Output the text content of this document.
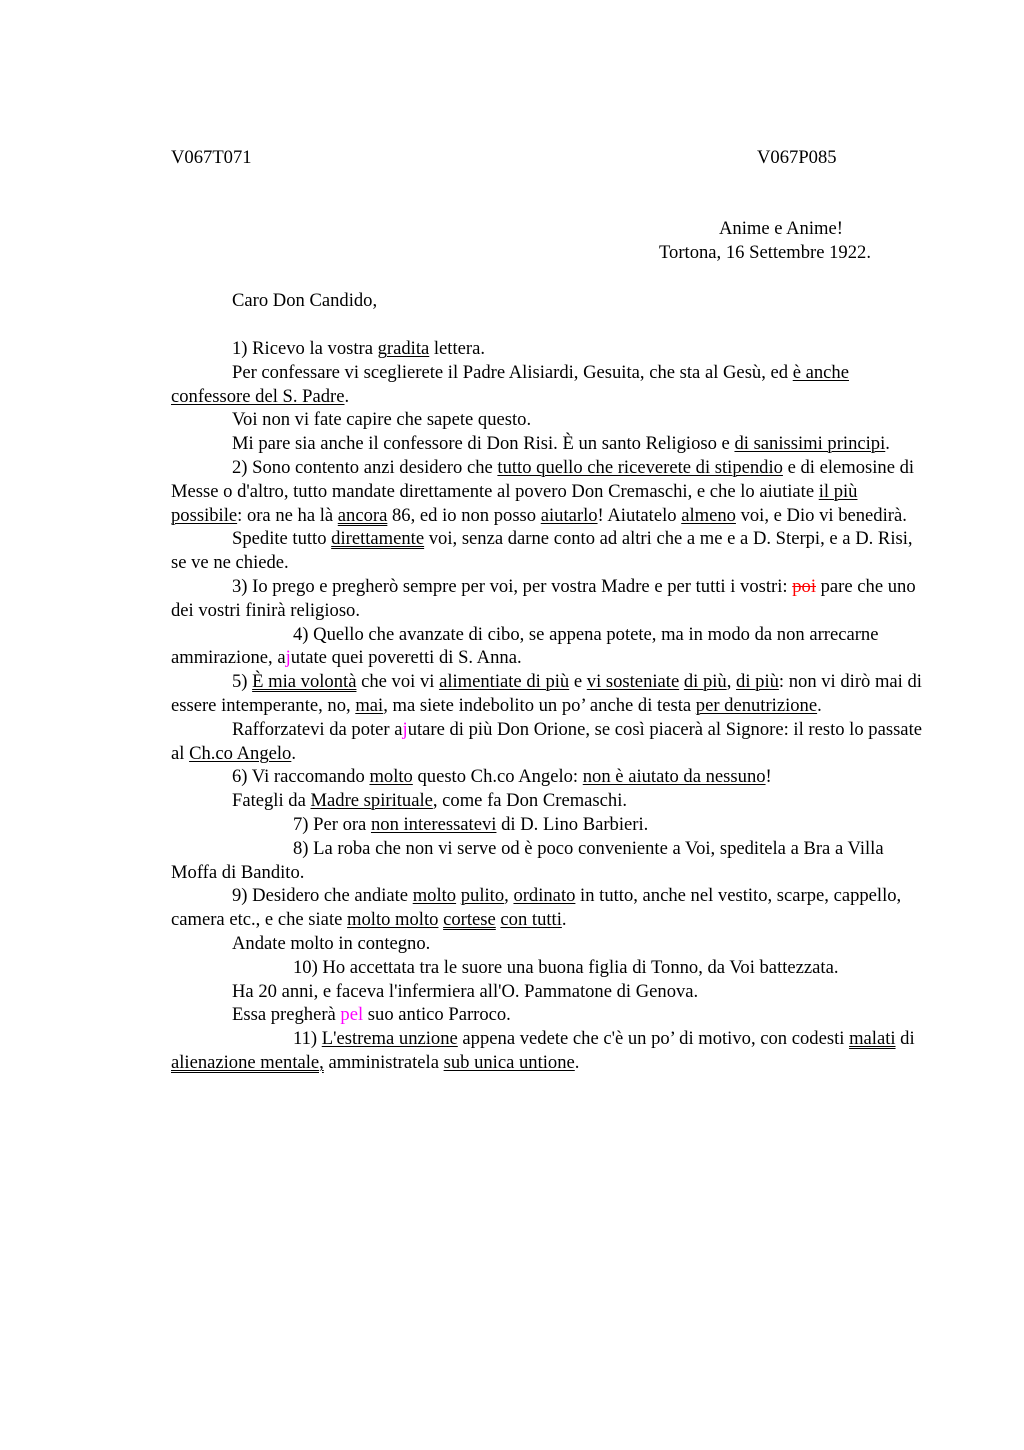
V067T071	V067P085
Anime e Anime!
Tortona, 16 Settembre 1922.
Caro Don Candido,

1) Ricevo la vostra gradita lettera.

Per confessare vi sceglierete il Padre Alisiardi, Gesuita, che sta al Gesù, ed è anche confessore del S. Padre.

Voi non vi fate capire che sapete questo.

Mi pare sia anche il confessore di Don Risi. È un santo Religioso e di sanissimi principi.

2) Sono contento anzi desidero che tutto quello che riceverete di stipendio e di elemosine di Messe o d'altro, tutto mandate direttamente al povero Don Cremaschi, e che lo aiutiate il più possibile: ora ne ha là ancora 86, ed io non posso aiutarlo! Aiutatelo almeno voi, e Dio vi benedirà.

Spedite tutto direttamente voi, senza darne conto ad altri che a me e a D. Sterpi, e a D. Risi, se ve ne chiede.

3) Io prego e pregherò sempre per voi, per vostra Madre e per tutti i vostri: poi pare che uno dei vostri finirà religioso.

4) Quello che avanzate di cibo, se appena potete, ma in modo da non arrecarne ammirazione, ajutate quei poveretti di S. Anna.

5) È mia volontà che voi vi alimentiate di più e vi sosteniate di più, di più: non vi dirò mai di essere intemperante, no, mai, ma siete indebolito un po’ anche di testa per denutrizione.

Rafforzatevi da poter ajutare di più Don Orione, se così piacerà al Signore: il resto lo passate al Ch.co Angelo.

6) Vi raccomando molto questo Ch.co Angelo: non è aiutato da nessuno!

Fategli da Madre spirituale, come fa Don Cremaschi.

7) Per ora non interessatevi di D. Lino Barbieri.

8) La roba che non vi serve od è poco conveniente a Voi, speditela a Bra a Villa Moffa di Bandito.

9) Desidero che andiate molto pulito, ordinato in tutto, anche nel vestito, scarpe, cappello, camera etc., e che siate molto molto cortese con tutti.

Andate molto in contegno.

10) Ho accettata tra le suore una buona figlia di Tonno, da Voi battezzata.

Ha 20 anni, e faceva l'infermiera all'O. Pammatone di Genova.

Essa pregherà pel suo antico Parroco.

11) L'estrema unzione appena vedete che c'è un po’ di motivo, con codesti malati di alienazione mentale, amministratela sub unica untione.
